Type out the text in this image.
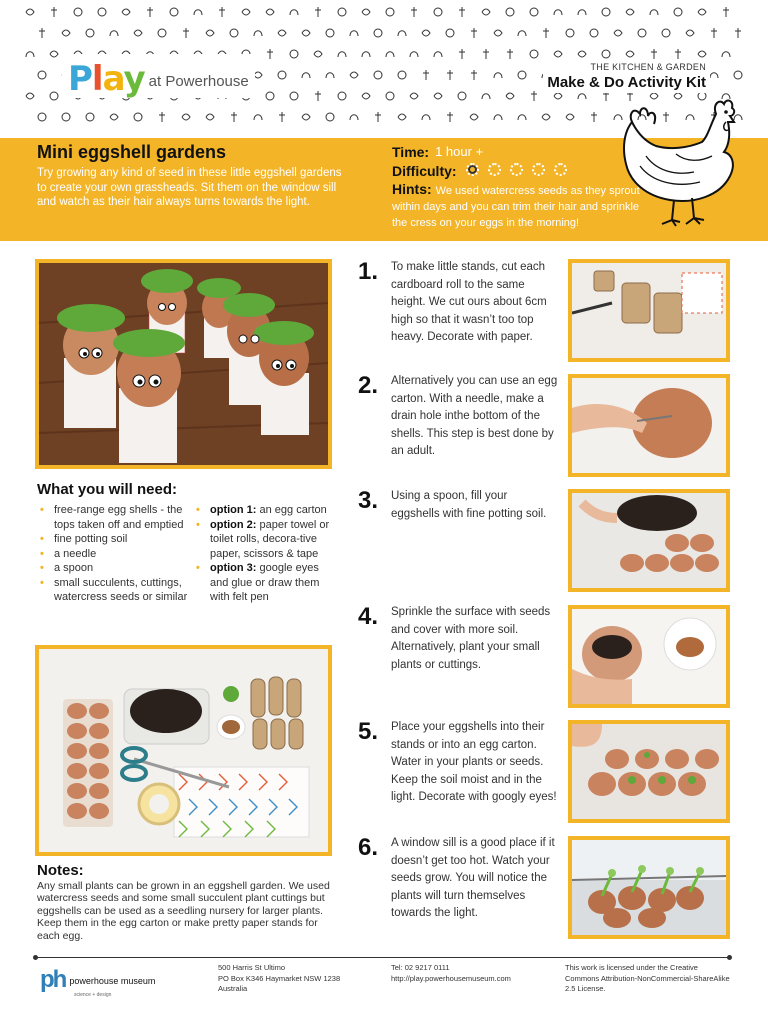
Play at Powerhouse
THE KITCHEN & GARDEN
Make & Do Activity Kit
Mini eggshell gardens

Try growing any kind of seed in these little eggshell gardens to create your own grassheads. Sit them on the window sill and watch as their hair always turns towards the light.

Time: 1 hour +
Difficulty:
Hints: We used watercress seeds as they sprout within days and you can trim their hair and sprinkle the cress on your eggs in the morning!
What you will need:
• free-range egg shells - the tops taken off and emptied
• fine potting soil
• a needle
• a spoon
• small succulents, cuttings, watercress seeds or similar
• option 1: an egg carton
• option 2: paper towel or toilet rolls, decora-tive paper, scissors & tape
• option 3: google eyes and glue or draw them with felt pen
Notes:

Any small plants can be grown in an eggshell garden. We used watercress seeds and some small succulent plant cuttings but eggshells can be used as a seedling nursery for larger plants. Keep them in the egg carton or make pretty paper stands for each egg.

1. To make little stands, cut each cardboard roll to the same height. We cut ours about 6cm high so that it wasn’t too top heavy. Decorate with paper.
2. Alternatively you can use an egg carton. With a needle, make a drain hole inthe bottom of the shells. This step is best done by an adult.
3. Using a spoon, fill your eggshells with fine potting soil.
4. Sprinkle the surface with seeds and cover with more soil. Alternatively, plant your small plants or cuttings.
5. Place your eggshells into their stands or into an egg carton. Water in your plants or seeds. Keep the soil moist and in the light. Decorate with googly eyes!
6. A window sill is a good place if it doesn’t get too hot. Watch your seeds grow. You will notice the plants will turn themselves towards the light.
ph powerhouse museum
science + design
500 Harris St Ultimo
PO Box K346 Haymarket NSW 1238
Australia
Tel: 02 9217 0111
http://play.powerhousemuseum.com
This work is licensed under the Creative Commons Attribution-NonCommercial-ShareAlike 2.5 License.
